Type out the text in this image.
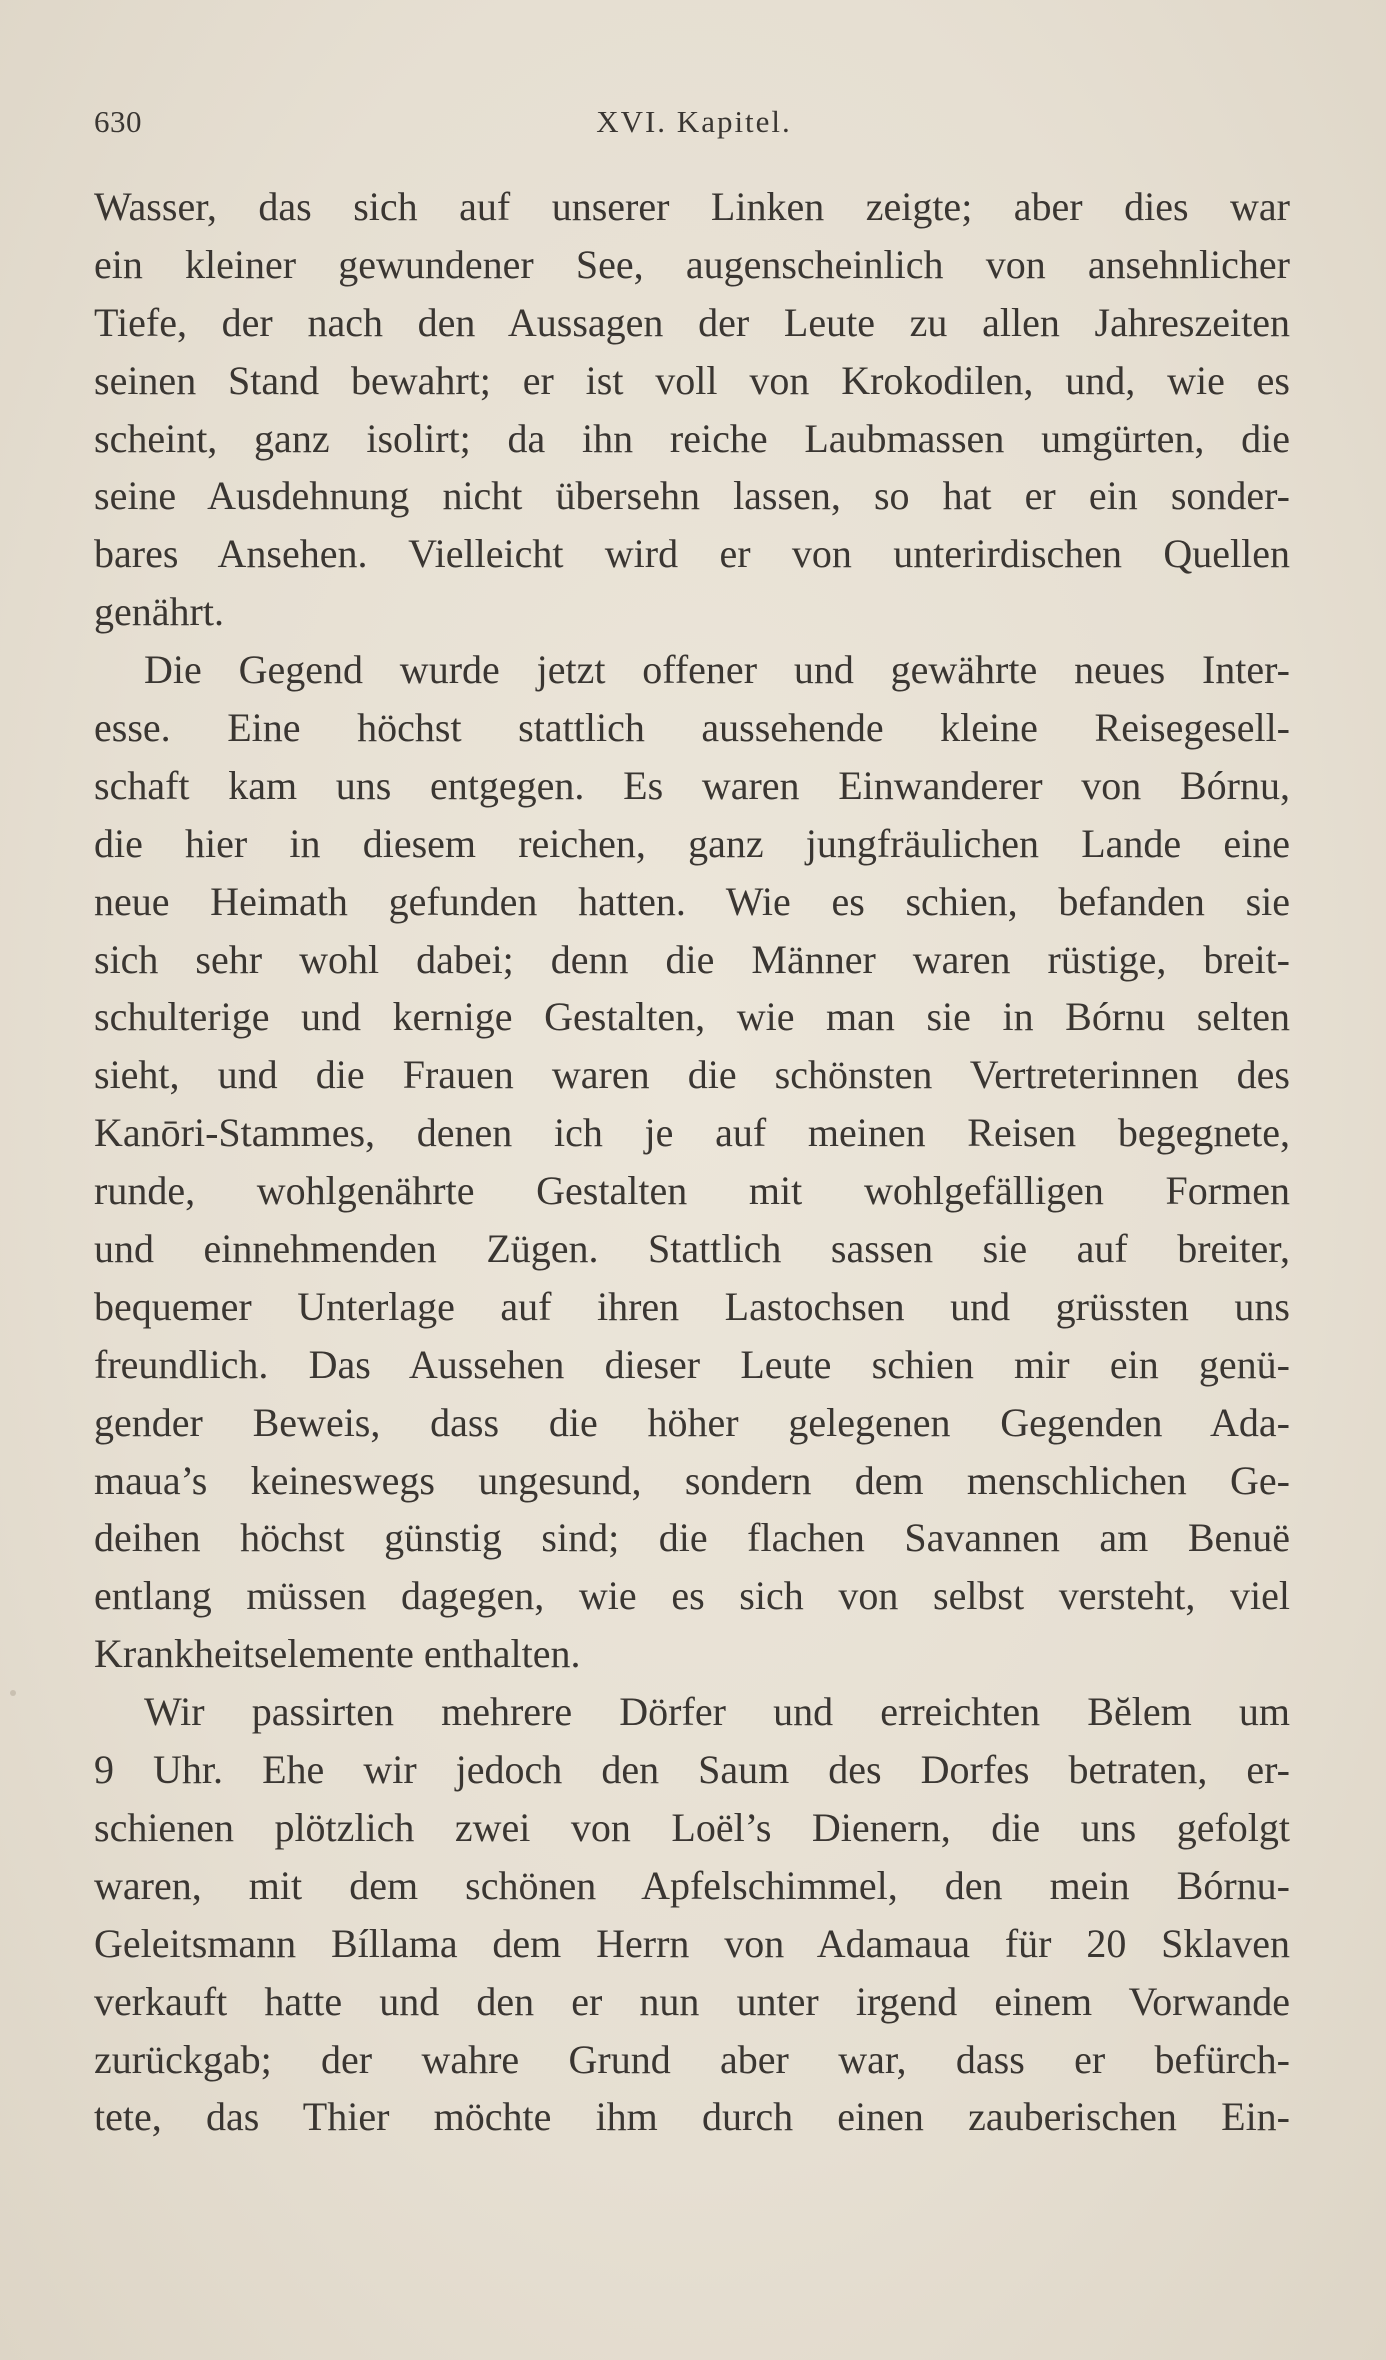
630	XVI. Kapitel.

Wasser, das sich auf unserer Linken zeigte; aber dies war
ein kleiner gewundener See, augenscheinlich von ansehnlicher
Tiefe, der nach den Aussagen der Leute zu allen Jahreszeiten
seinen Stand bewahrt; er ist voll von Krokodilen, und, wie es
scheint, ganz isolirt; da ihn reiche Laubmassen umgürten, die
seine Ausdehnung nicht übersehn lassen, so hat er ein sonder-
bares Ansehen. Vielleicht wird er von unterirdischen Quellen
genährt.

Die Gegend wurde jetzt offener und gewährte neues Inter-
esse. Eine höchst stattlich aussehende kleine Reisegesell-
schaft kam uns entgegen. Es waren Einwanderer von Bórnu,
die hier in diesem reichen, ganz jungfräulichen Lande eine
neue Heimath gefunden hatten. Wie es schien, befanden sie
sich sehr wohl dabei; denn die Männer waren rüstige, breit-
schulterige und kernige Gestalten, wie man sie in Bórnu selten
sieht, und die Frauen waren die schönsten Vertreterinnen des
Kanōri-Stammes, denen ich je auf meinen Reisen begegnete,
runde, wohlgenährte Gestalten mit wohlgefälligen Formen
und einnehmenden Zügen. Stattlich sassen sie auf breiter,
bequemer Unterlage auf ihren Lastochsen und grüssten uns
freundlich. Das Aussehen dieser Leute schien mir ein genü-
gender Beweis, dass die höher gelegenen Gegenden Ada-
maua’s keineswegs ungesund, sondern dem menschlichen Ge-
deihen höchst günstig sind; die flachen Savannen am Benuë
entlang müssen dagegen, wie es sich von selbst versteht, viel
Krankheitselemente enthalten.

Wir passirten mehrere Dörfer und erreichten Bĕlem um
9 Uhr. Ehe wir jedoch den Saum des Dorfes betraten, er-
schienen plötzlich zwei von Loël’s Dienern, die uns gefolgt
waren, mit dem schönen Apfelschimmel, den mein Bórnu-
Geleitsmann Bíllama dem Herrn von Adamaua für 20 Sklaven
verkauft hatte und den er nun unter irgend einem Vorwande
zurückgab; der wahre Grund aber war, dass er befürch-
tete, das Thier möchte ihm durch einen zauberischen Ein-
